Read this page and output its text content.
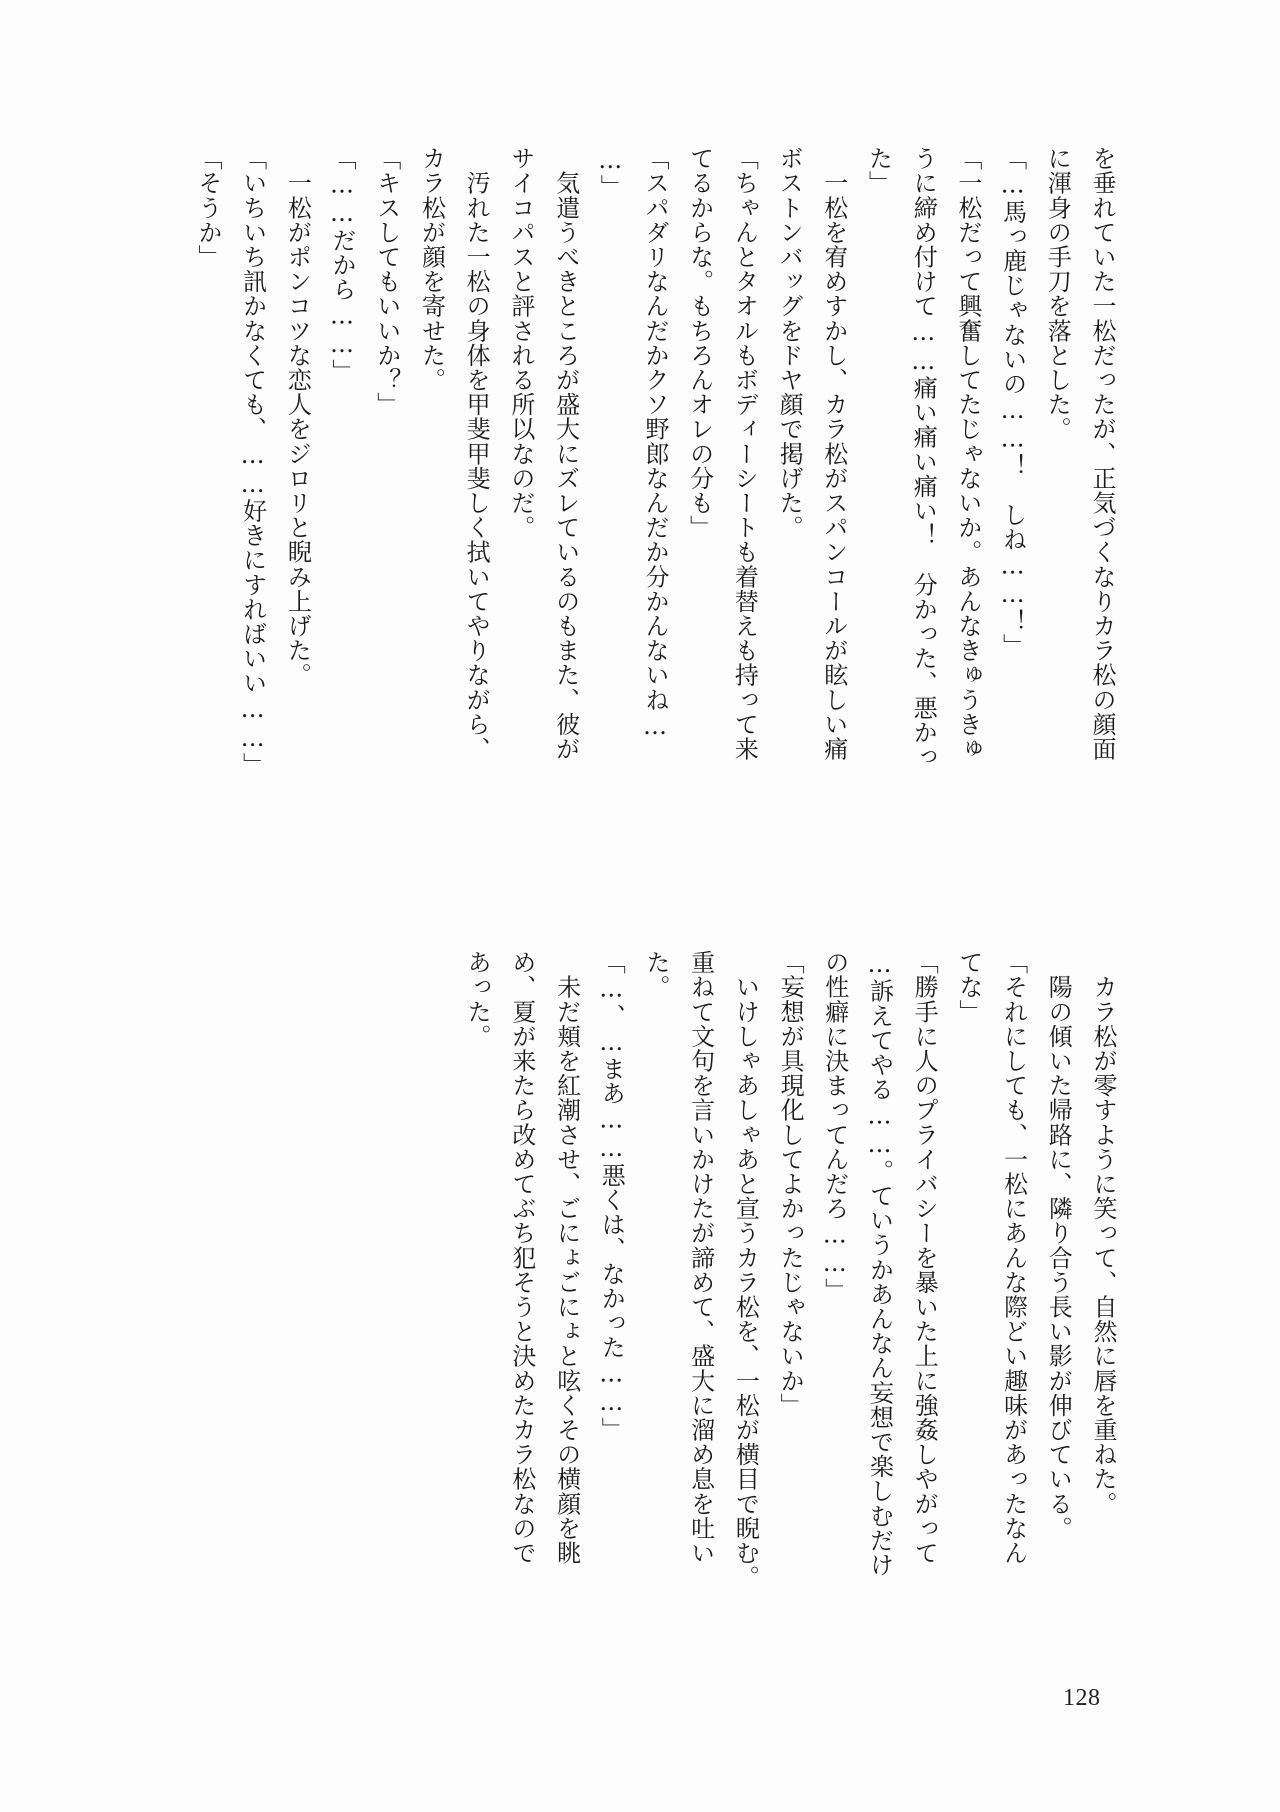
を垂れていた一松だったが、正気づくなりカラ松の顔面

に渾身の手刀を落とした。

「…馬っ鹿じゃないの……！　しね……！」

「一松だって興奮してたじゃないか。あんなきゅうきゅ

うに締め付けて……痛い痛い痛い！　分かった、悪かっ

た」

　一松を宥めすかし、カラ松がスパンコールが眩しい痛

ボストンバッグをドヤ顔で掲げた。

「ちゃんとタオルもボディーシートも着替えも持って来

てるからな。もちろんオレの分も」

「スパダリなんだかクソ野郎なんだか分かんないね…

…」

　気遣うべきところが盛大にズレているのもまた、彼が

サイコパスと評される所以なのだ。

　汚れた一松の身体を甲斐甲斐しく拭いてやりながら、

カラ松が顔を寄せた。

「キスしてもいいか？」

「……だから……」

　一松がポンコツな恋人をジロリと睨み上げた。

「いちいち訊かなくても、……好きにすればいい……」

「そうか」

　カラ松が零すように笑って、自然に唇を重ねた。

　陽の傾いた帰路に、隣り合う長い影が伸びている。

「それにしても、一松にあんな際どい趣味があったなん

てな」

「勝手に人のプライバシーを暴いた上に強姦しやがって

…訴えてやる……。ていうかあんなん妄想で楽しむだけ

の性癖に決まってんだろ……」

「妄想が具現化してよかったじゃないか」

　いけしゃあしゃあと宣うカラ松を、一松が横目で睨む。

重ねて文句を言いかけたが諦めて、盛大に溜め息を吐い

た。

「…、…まあ……悪くは、なかった……」

　未だ頬を紅潮させ、ごにょごにょと呟くその横顔を眺

め、夏が来たら改めてぶち犯そうと決めたカラ松なので

あった。

128
